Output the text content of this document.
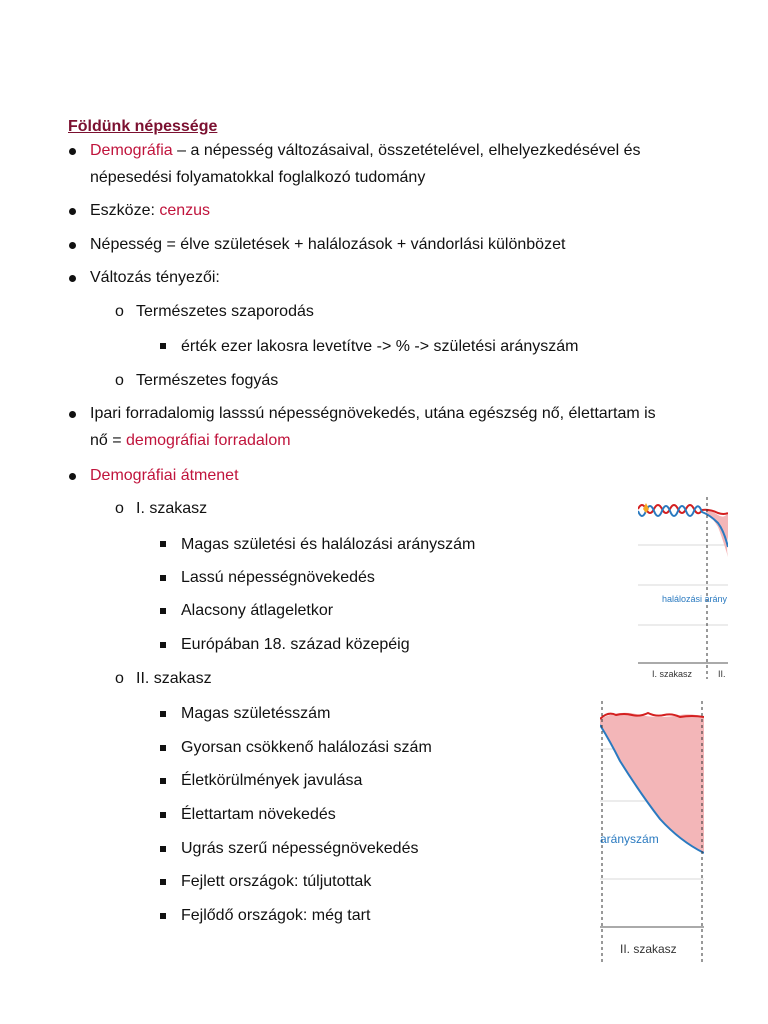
Földünk népessége
Demográfia – a népesség változásaival, összetételével, elhelyezkedésével és
népesedési folyamatokkal foglalkozó tudomány
Eszköze: cenzus
Népesség = élve születések + halálozások + vándorlási különbözet
Változás tényezői:
o Természetes szaporodás
érték ezer lakosra levetítve -> % -> születési arányszám
o Természetes fogyás
Ipari forradalomig lasssú népességnövekedés, utána egészség nő, élettartam is
nő = demográfiai forradalom
Demográfiai átmenet
o I. szakasz
Magas születési és halálozási arányszám
Lassú népességnövekedés
Alacsony átlageletkor
Európában 18. század közepéig
o II. szakasz
Magas születésszám
Gyorsan csökkenő halálozási szám
Életkörülmények javulása
Élettartam növekedés
Ugrás szerű népességnövekedés
Fejlett országok: túljutottak
Fejlődő országok: még tart
halálozási arány
I. szakasz	II.
arányszám
II. szakasz
